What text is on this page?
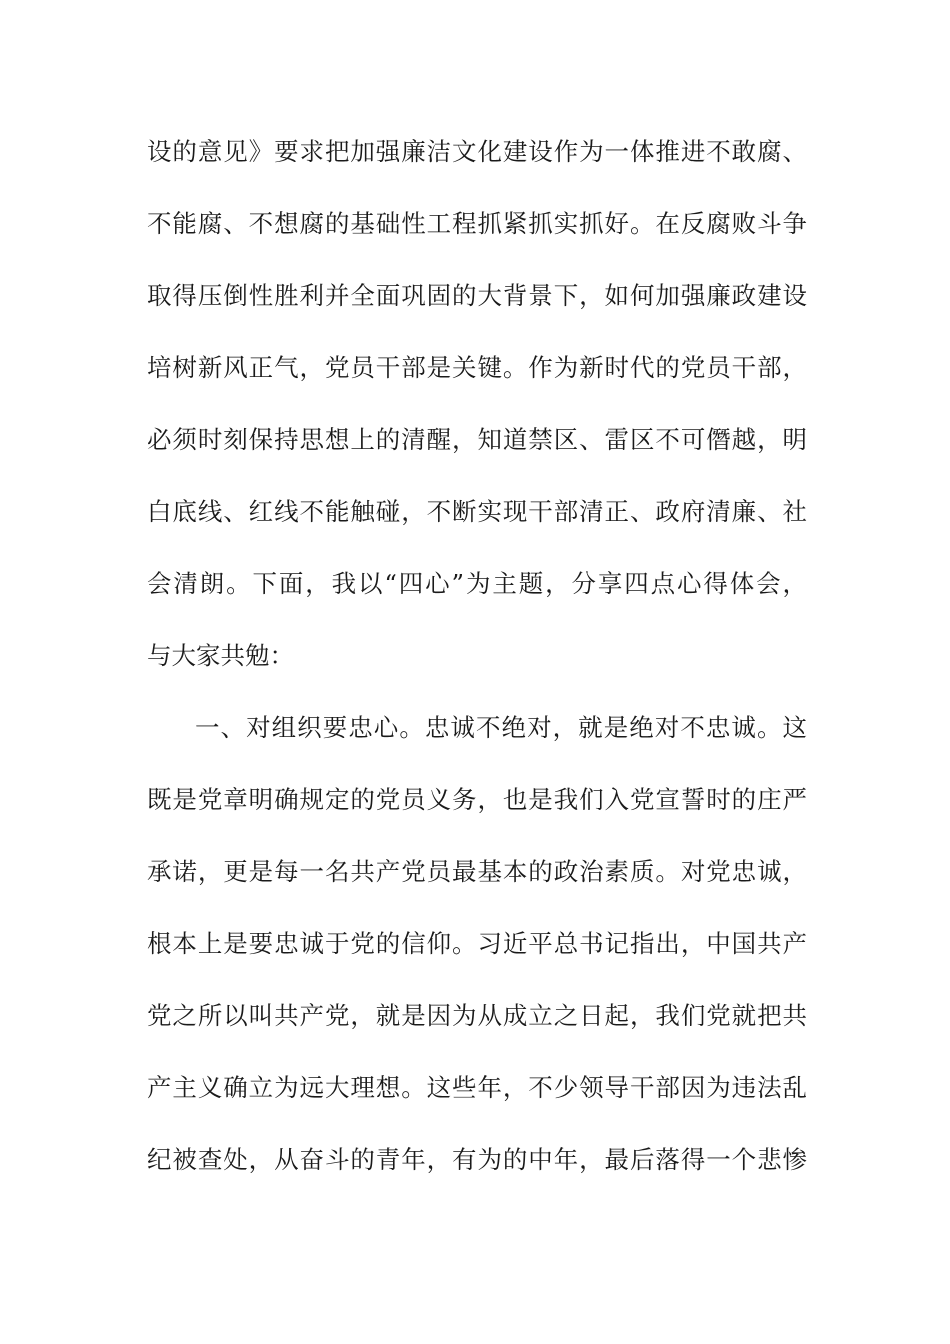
设的意见》要求把加强廉洁文化建设作为一体推进不敢腐、
不能腐、不想腐的基础性工程抓紧抓实抓好。在反腐败斗争
取得压倒性胜利并全面巩固的大背景下，如何加强廉政建设
培树新风正气，党员干部是关键。作为新时代的党员干部，
必须时刻保持思想上的清醒，知道禁区、雷区不可僭越，明
白底线、红线不能触碰，不断实现干部清正、政府清廉、社
会清朗。下面，我以“四心”为主题，分享四点心得体会，
与大家共勉：
一、对组织要忠心。忠诚不绝对，就是绝对不忠诚。这
既是党章明确规定的党员义务，也是我们入党宣誓时的庄严
承诺，更是每一名共产党员最基本的政治素质。对党忠诚，
根本上是要忠诚于党的信仰。习近平总书记指出，中国共产
党之所以叫共产党，就是因为从成立之日起，我们党就把共
产主义确立为远大理想。这些年，不少领导干部因为违法乱
纪被查处，从奋斗的青年，有为的中年，最后落得一个悲惨
